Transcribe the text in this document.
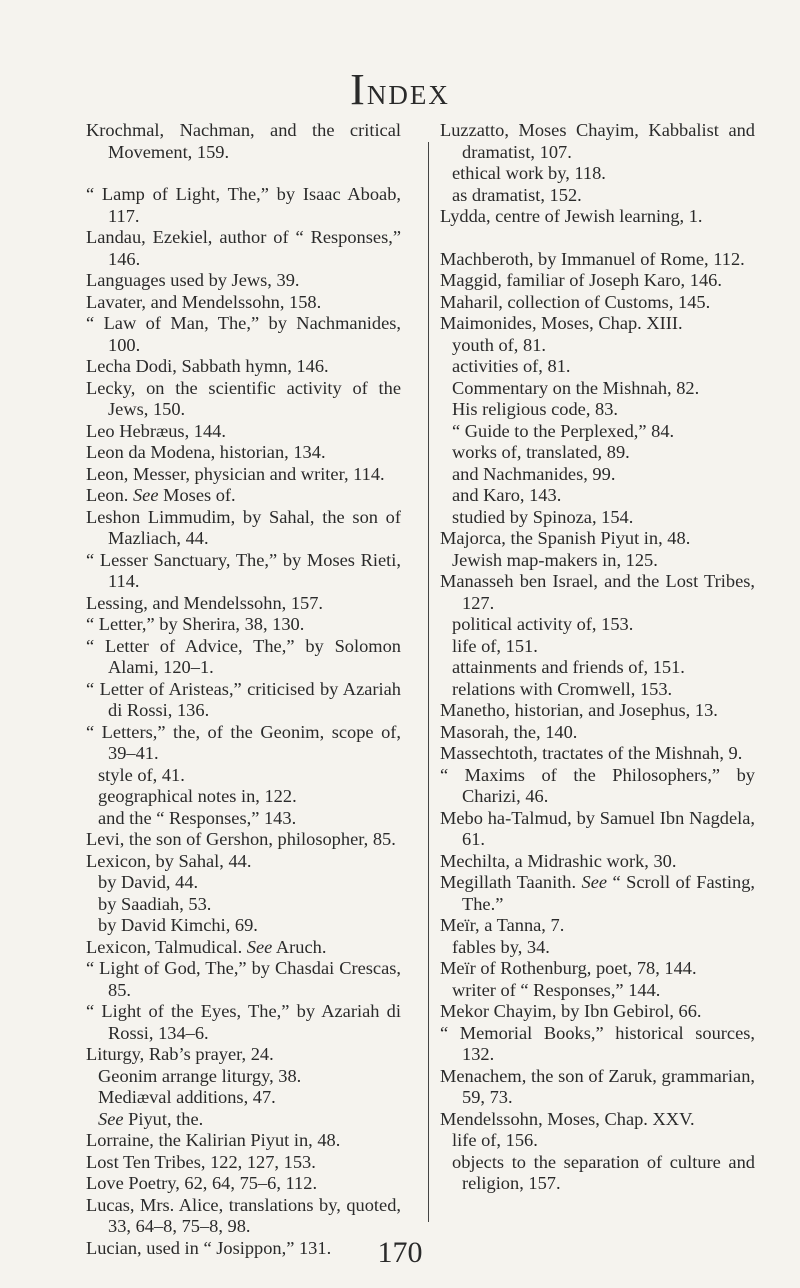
Index
Krochmal, Nachman, and the critical Movement, 159.
“ Lamp of Light, The,” by Isaac Aboab, 117.
Landau, Ezekiel, author of “ Responses,” 146.
Languages used by Jews, 39.
Lavater, and Mendelssohn, 158.
“ Law of Man, The,” by Nachmanides, 100.
Lecha Dodi, Sabbath hymn, 146.
Lecky, on the scientific activity of the Jews, 150.
Leo Hebræus, 144.
Leon da Modena, historian, 134.
Leon, Messer, physician and writer, 114.
Leon. See Moses of.
Leshon Limmudim, by Sahal, the son of Mazliach, 44.
“ Lesser Sanctuary, The,” by Moses Rieti, 114.
Lessing, and Mendelssohn, 157.
“ Letter,” by Sherira, 38, 130.
“ Letter of Advice, The,” by Solomon Alami, 120–1.
“ Letter of Aristeas,” criticised by Azariah di Rossi, 136.
“ Letters,” the, of the Geonim, scope of, 39–41.
style of, 41.
geographical notes in, 122.
and the “ Responses,” 143.
Levi, the son of Gershon, philosopher, 85.
Lexicon, by Sahal, 44.
by David, 44.
by Saadiah, 53.
by David Kimchi, 69.
Lexicon, Talmudical. See Aruch.
“ Light of God, The,” by Chasdai Crescas, 85.
“ Light of the Eyes, The,” by Azariah di Rossi, 134–6.
Liturgy, Rab’s prayer, 24.
Geonim arrange liturgy, 38.
Mediæval additions, 47.
See Piyut, the.
Lorraine, the Kalirian Piyut in, 48.
Lost Ten Tribes, 122, 127, 153.
Love Poetry, 62, 64, 75–6, 112.
Lucas, Mrs. Alice, translations by, quoted, 33, 64–8, 75–8, 98.
Lucian, used in “ Josippon,” 131.
Luzzatto, Moses Chayim, Kabbalist and dramatist, 107.
ethical work by, 118.
as dramatist, 152.
Lydda, centre of Jewish learning, 1.
Machberoth, by Immanuel of Rome, 112.
Maggid, familiar of Joseph Karo, 146.
Maharil, collection of Customs, 145.
Maimonides, Moses, Chap. XIII.
youth of, 81.
activities of, 81.
Commentary on the Mishnah, 82.
His religious code, 83.
“ Guide to the Perplexed,” 84.
works of, translated, 89.
and Nachmanides, 99.
and Karo, 143.
studied by Spinoza, 154.
Majorca, the Spanish Piyut in, 48.
Jewish map-makers in, 125.
Manasseh ben Israel, and the Lost Tribes, 127.
political activity of, 153.
life of, 151.
attainments and friends of, 151.
relations with Cromwell, 153.
Manetho, historian, and Josephus, 13.
Masorah, the, 140.
Massechtoth, tractates of the Mishnah, 9.
“ Maxims of the Philosophers,” by Charizi, 46.
Mebo ha-Talmud, by Samuel Ibn Nagdela, 61.
Mechilta, a Midrashic work, 30.
Megillath Taanith. See “ Scroll of Fasting, The.”
Meïr, a Tanna, 7.
fables by, 34.
Meïr of Rothenburg, poet, 78, 144.
writer of “ Responses,” 144.
Mekor Chayim, by Ibn Gebirol, 66.
“ Memorial Books,” historical sources, 132.
Menachem, the son of Zaruk, grammarian, 59, 73.
Mendelssohn, Moses, Chap. XXV.
life of, 156.
objects to the separation of culture and religion, 157.
170
